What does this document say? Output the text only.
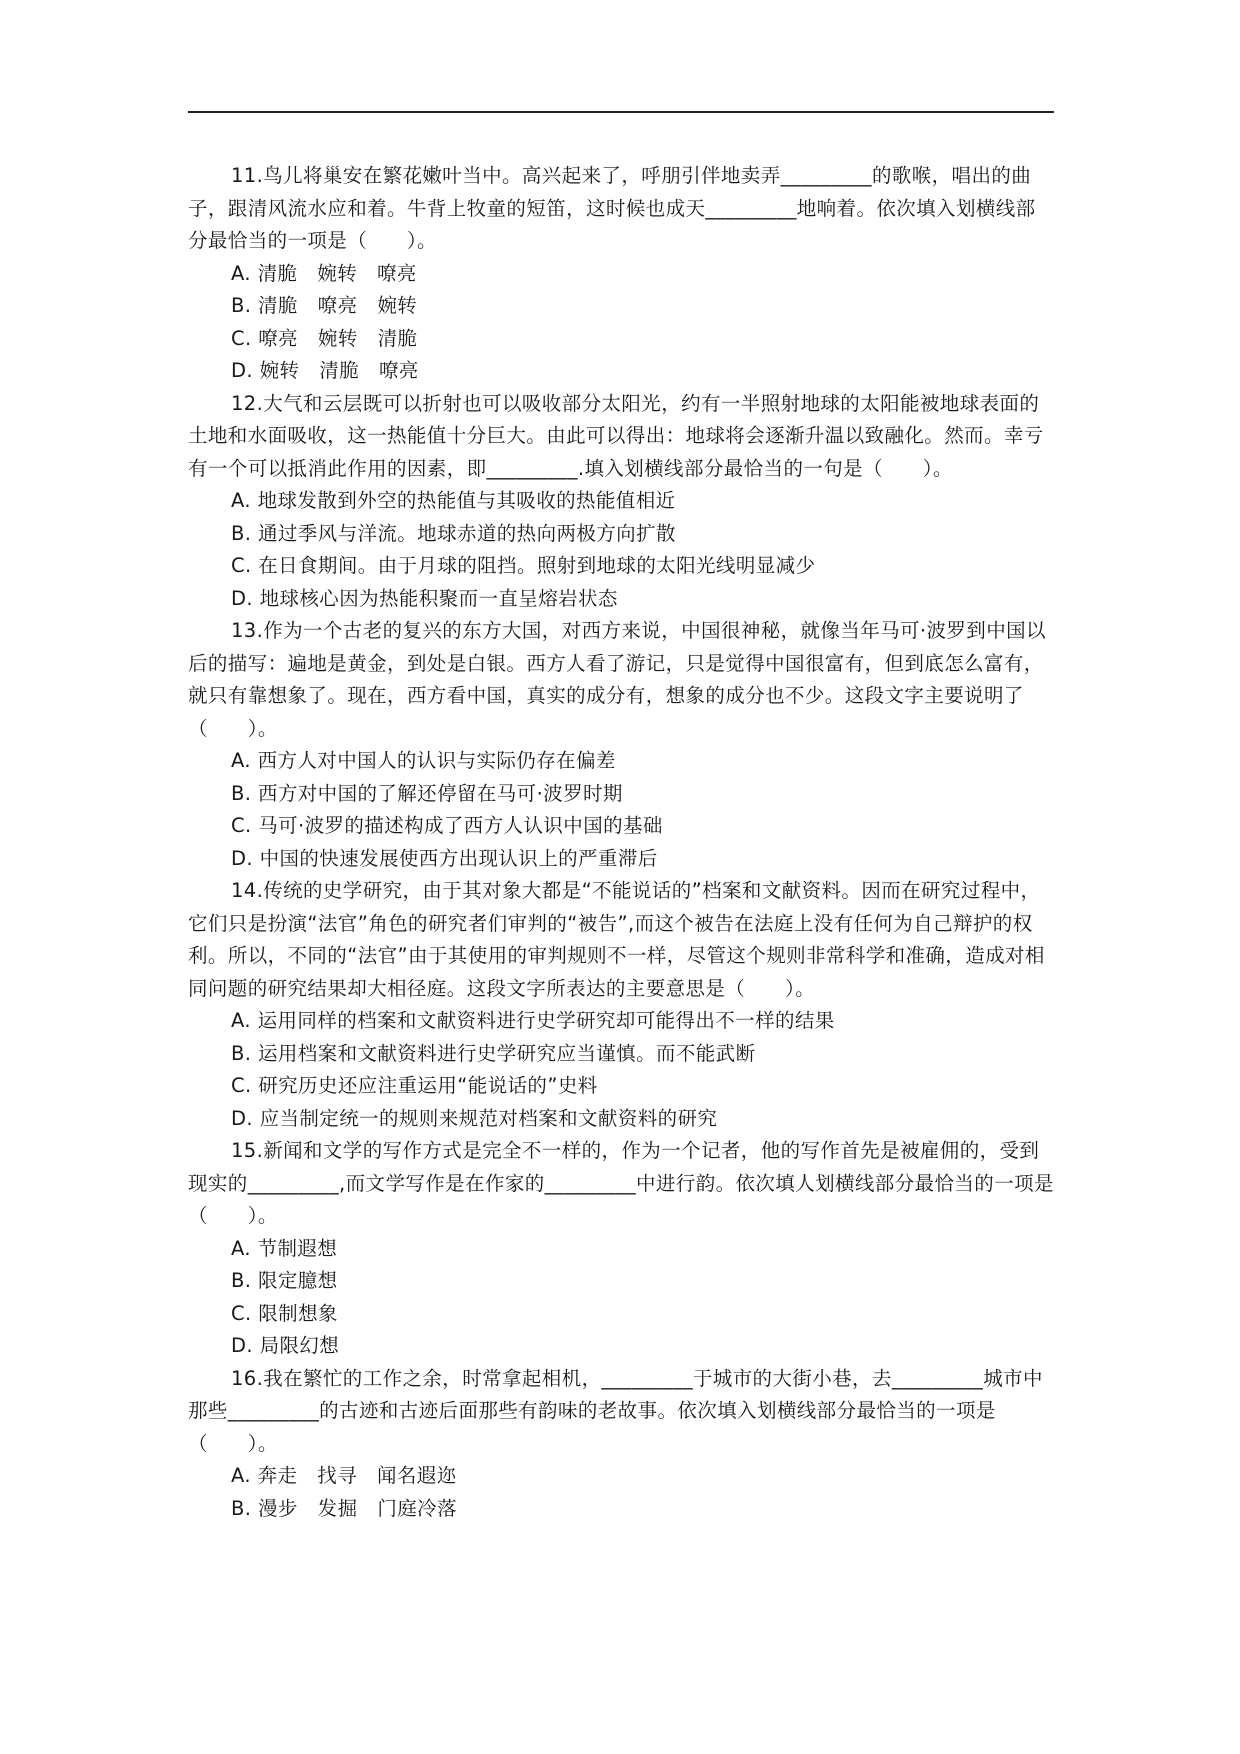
11.鸟儿将巢安在繁花嫩叶当中。高兴起来了，呼朋引伴地卖弄_________的歌喉，唱出的曲子，跟清风流水应和着。牛背上牧童的短笛，这时候也成天_________地响着。依次填入划横线部分最恰当的一项是（　　）。

A. 清脆　婉转　嘹亮
B. 清脆　嘹亮　婉转
C. 嘹亮　婉转　清脆
D. 婉转　清脆　嘹亮

12.大气和云层既可以折射也可以吸收部分太阳光，约有一半照射地球的太阳能被地球表面的土地和水面吸收，这一热能值十分巨大。由此可以得出：地球将会逐渐升温以致融化。然而。幸亏有一个可以抵消此作用的因素，即_________.填入划横线部分最恰当的一句是（　　）。

A. 地球发散到外空的热能值与其吸收的热能值相近
B. 通过季风与洋流。地球赤道的热向两极方向扩散
C. 在日食期间。由于月球的阻挡。照射到地球的太阳光线明显减少
D. 地球核心因为热能积聚而一直呈熔岩状态

13.作为一个古老的复兴的东方大国，对西方来说，中国很神秘，就像当年马可·波罗到中国以后的描写：遍地是黄金，到处是白银。西方人看了游记，只是觉得中国很富有，但到底怎么富有，就只有靠想象了。现在，西方看中国，真实的成分有，想象的成分也不少。这段文字主要说明了（　　）。

A. 西方人对中国人的认识与实际仍存在偏差
B. 西方对中国的了解还停留在马可·波罗时期
C. 马可·波罗的描述构成了西方人认识中国的基础
D. 中国的快速发展使西方出现认识上的严重滞后

14.传统的史学研究，由于其对象大都是“不能说话的”档案和文献资料。因而在研究过程中，它们只是扮演“法官”角色的研究者们审判的“被告”,而这个被告在法庭上没有任何为自己辩护的权利。所以，不同的“法官”由于其使用的审判规则不一样，尽管这个规则非常科学和准确，造成对相同问题的研究结果却大相径庭。这段文字所表达的主要意思是（　　）。

A. 运用同样的档案和文献资料进行史学研究却可能得出不一样的结果
B. 运用档案和文献资料进行史学研究应当谨慎。而不能武断
C. 研究历史还应注重运用“能说话的”史料
D. 应当制定统一的规则来规范对档案和文献资料的研究

15.新闻和文学的写作方式是完全不一样的，作为一个记者，他的写作首先是被雇佣的，受到现实的_________,而文学写作是在作家的_________中进行韵。依次填人划横线部分最恰当的一项是（　　）。

A. 节制遐想
B. 限定臆想
C. 限制想象
D. 局限幻想

16.我在繁忙的工作之余，时常拿起相机，_________于城市的大街小巷，去_________城市中那些_________的古迹和古迹后面那些有韵味的老故事。依次填入划横线部分最恰当的一项是（　　）。

A. 奔走　找寻　闻名遐迩
B. 漫步　发掘　门庭冷落
